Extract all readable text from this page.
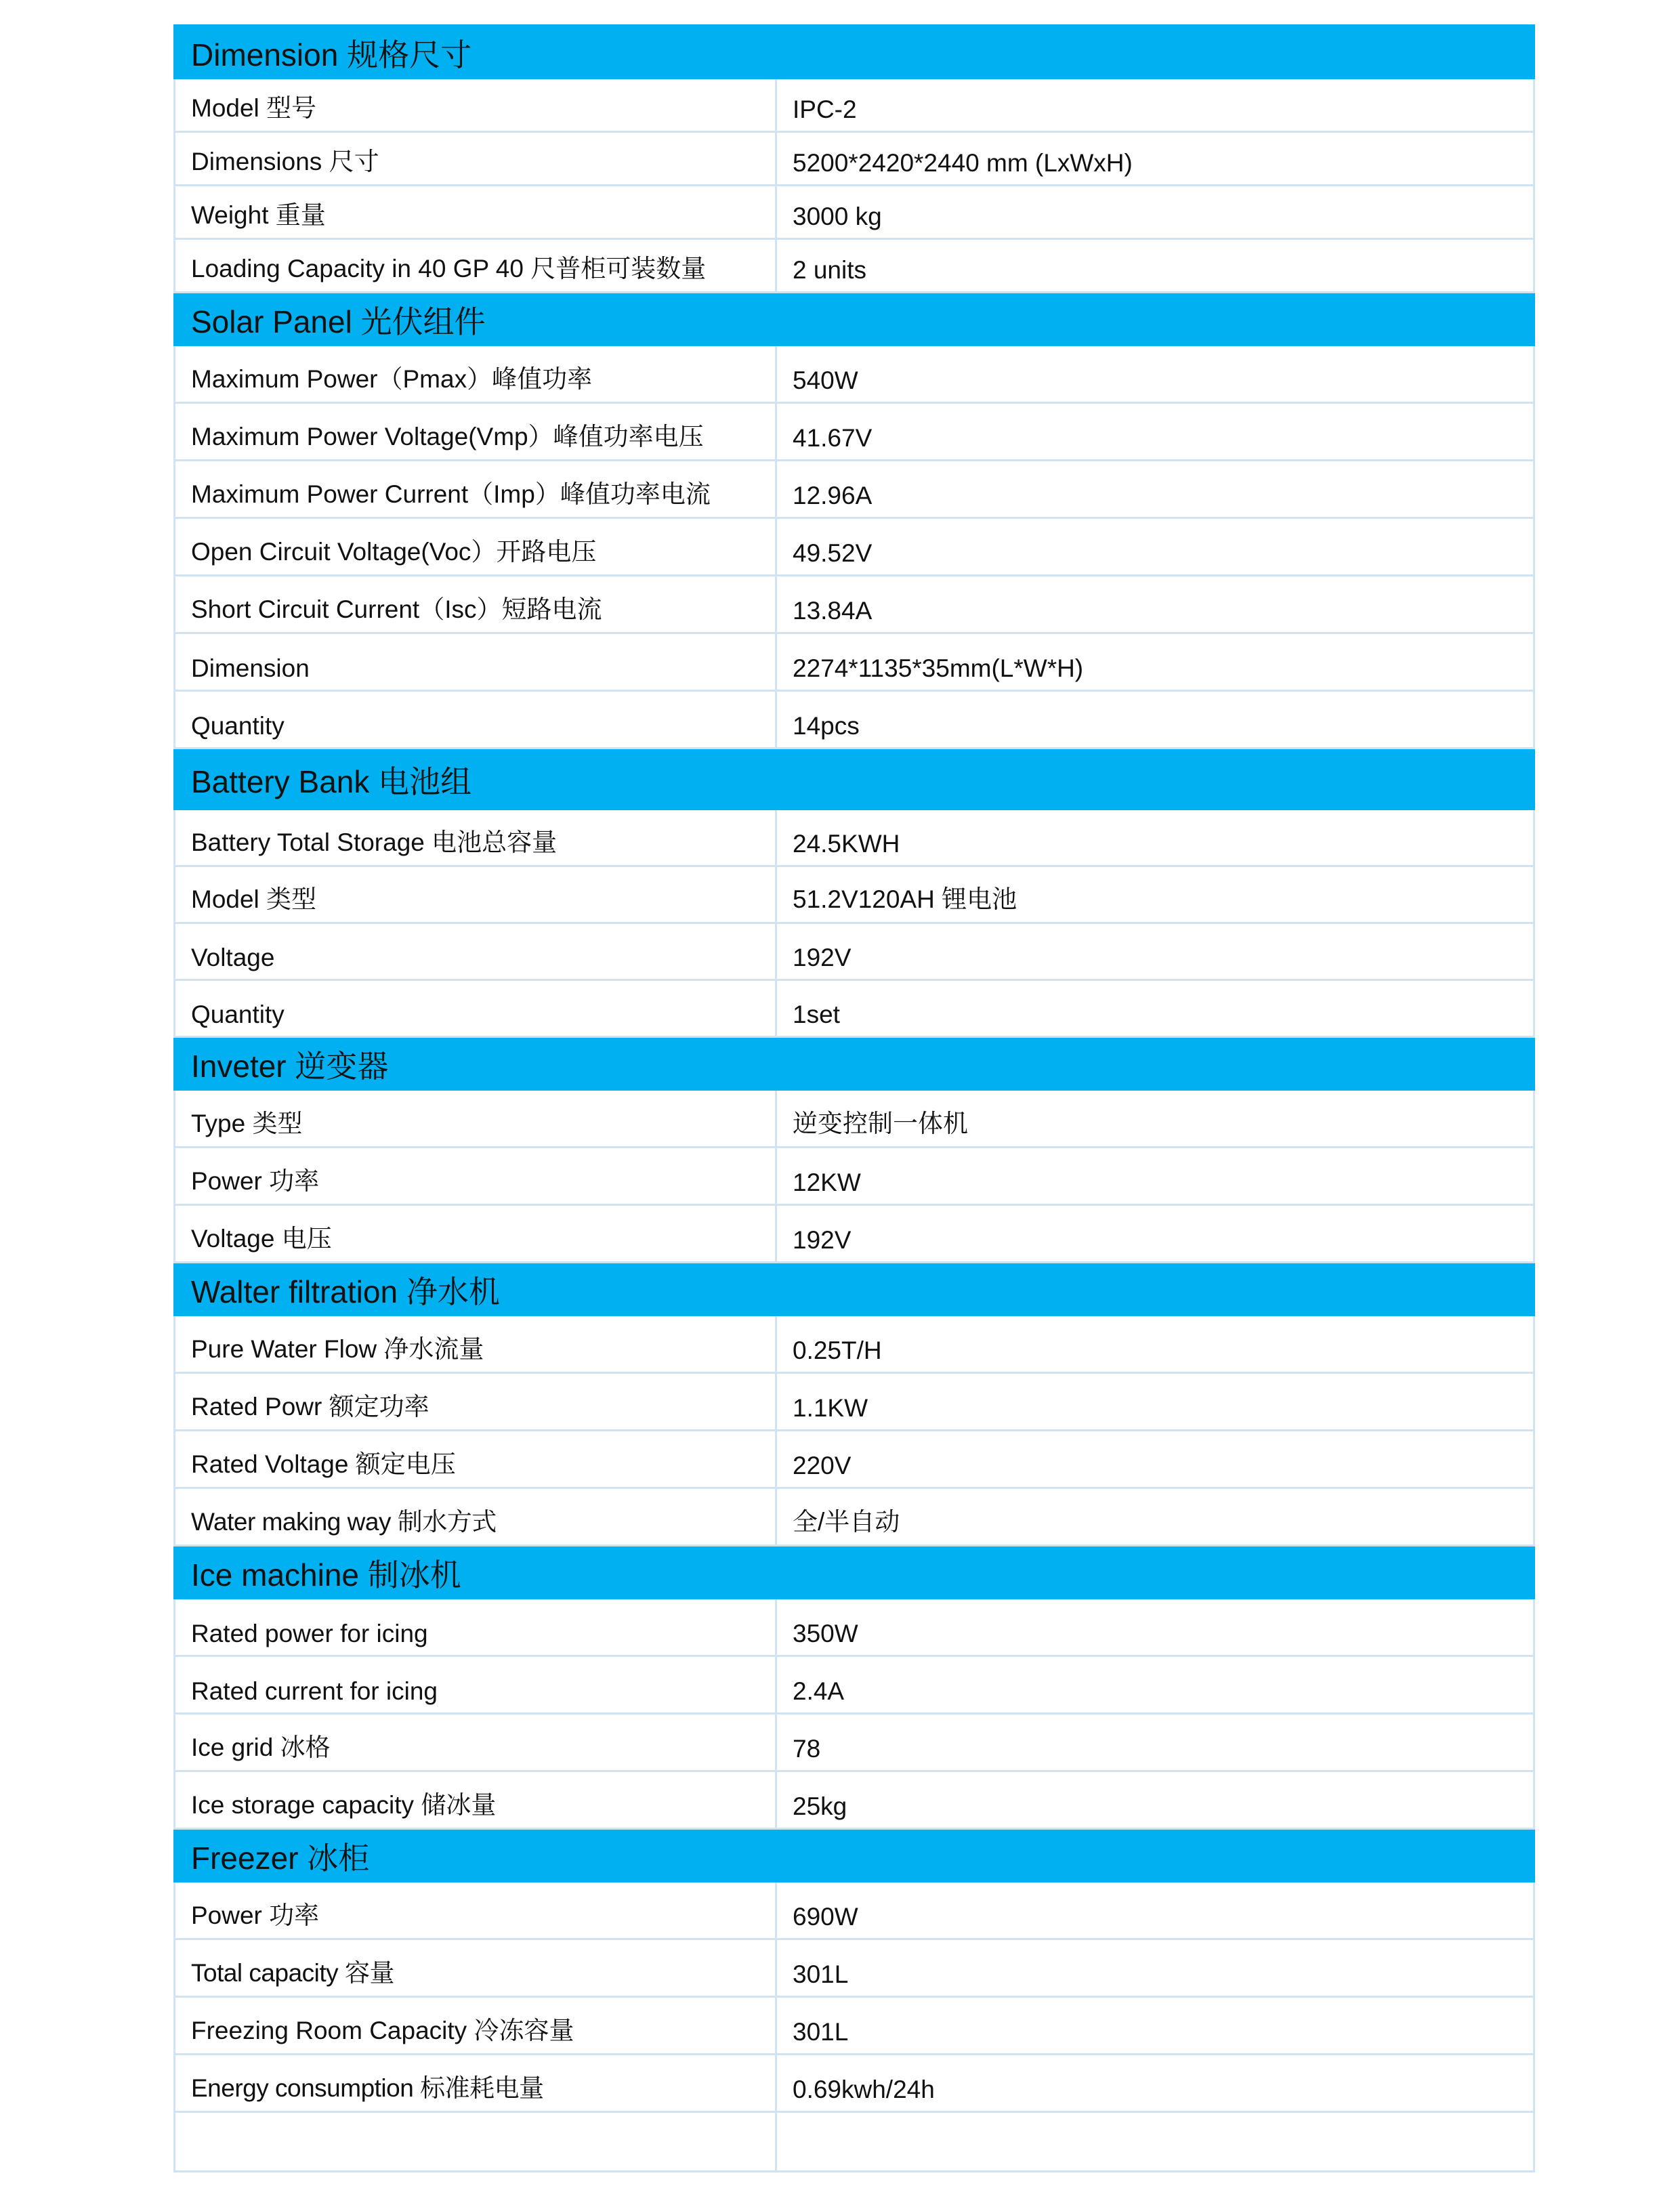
Dimension 规格尺寸	
Model 型号	IPC-2
Dimensions 尺寸	5200*2420*2440 mm (LxWxH)
Weight 重量	3000 kg
Loading Capacity in 40 GP 40 尺普柜可装数量	2 units
Solar Panel 光伏组件	
Maximum Power（Pmax）峰值功率	540W
Maximum Power Voltage(Vmp）峰值功率电压	41.67V
Maximum Power Current（Imp）峰值功率电流	12.96A
Open Circuit Voltage(Voc）开路电压	49.52V
Short Circuit Current（Isc）短路电流	13.84A
Dimension	2274*1135*35mm(L*W*H)
Quantity	14pcs
Battery Bank 电池组	
Battery Total Storage 电池总容量	24.5KWH
Model 类型	51.2V120AH 锂电池
Voltage	192V
Quantity	1set
Inveter 逆变器	
Type 类型	逆变控制一体机
Power 功率	12KW
Voltage 电压	192V
Walter filtration 净水机	
Pure Water Flow 净水流量	0.25T/H
Rated Powr 额定功率	1.1KW
Rated Voltage 额定电压	220V
Water making way 制水方式	全/半自动
Ice machine 制冰机	
Rated power for icing	350W
Rated current for icing	2.4A
Ice grid 冰格	78
Ice storage capacity 储冰量	25kg
Freezer 冰柜	
Power 功率	690W
Total capacity 容量	301L
Freezing Room Capacity 冷冻容量	301L
Energy consumption 标准耗电量	0.69kwh/24h
